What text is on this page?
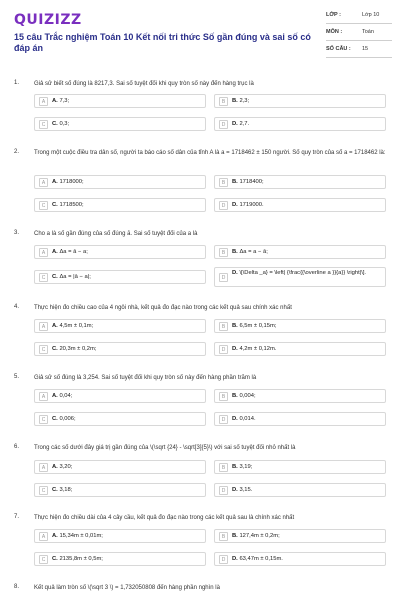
QUIZIZZ
15 câu Trắc nghiệm Toán 10 Kết nối tri thức Số gần đúng và sai số có đáp án
LỚP :	Lớp 10
MÔN :	Toán
SỐ CÂU : 15
1. Giả sử biết số đúng là 8217,3. Sai số tuyệt đối khi quy tròn số này đến hàng trục là
A	A. 7,3;	B	B. 2,3;
C	C. 0,3;	D	D. 2,7.
2. Trong một cuộc điều tra dân số, người ta báo cáo số dân của tỉnh A là a = 1718462 ± 150 người. Số quy tròn của số a = 1718462 là:
A	A. 1718000;	B	B. 1718400;
C	C. 1718500;	D	D. 1719000.
3. Cho a là số gần đúng của số đúng ā. Sai số tuyệt đối của a là
A	A. Δa = ā − a;	B	B. Δa = a − ā;
C	C. Δa = |ā − a|;	D
D. \[\Delta _a} = \left| {\frac{{\overline a }}{a}} \right|\].
4. Thực hiện đo chiều cao của 4 ngôi nhà, kết quả đo đạc nào trong các kết quả sau chính xác nhất
A	A. 4,5m ± 0,1m;	B	B. 6,5m ± 0,15m;
C	C. 20,3m ± 0,2m;	D	D. 4,2m ± 0,12m.
5. Giả sử số đúng là 3,254. Sai số tuyệt đối khi quy tròn số này đến hàng phần trăm là
A	A. 0,04;	B	B. 0,004;
C	C. 0,006;	D	D. 0,014.
6. Trong các số dưới đây giá trị gần đúng của \(\sqrt {24} - \sqrt[3]{5}\) với sai số tuyệt đối nhỏ nhất là
A	A. 3,20;	B	B. 3,19;
C	C. 3,18;	D	D. 3,15.
7. Thực hiện đo chiều dài của 4 cây cầu, kết quả đo đạc nào trong các kết quả sau là chính xác nhất
A	A. 15,34m ± 0,01m;	B	B. 127,4m ± 0,2m;
C	C. 2135,8m ± 0,5m;	D	D. 63,47m ± 0,15m.
8. Kết quả làm tròn số \(\sqrt 3 \) = 1,732050808 đến hàng phần nghìn là
